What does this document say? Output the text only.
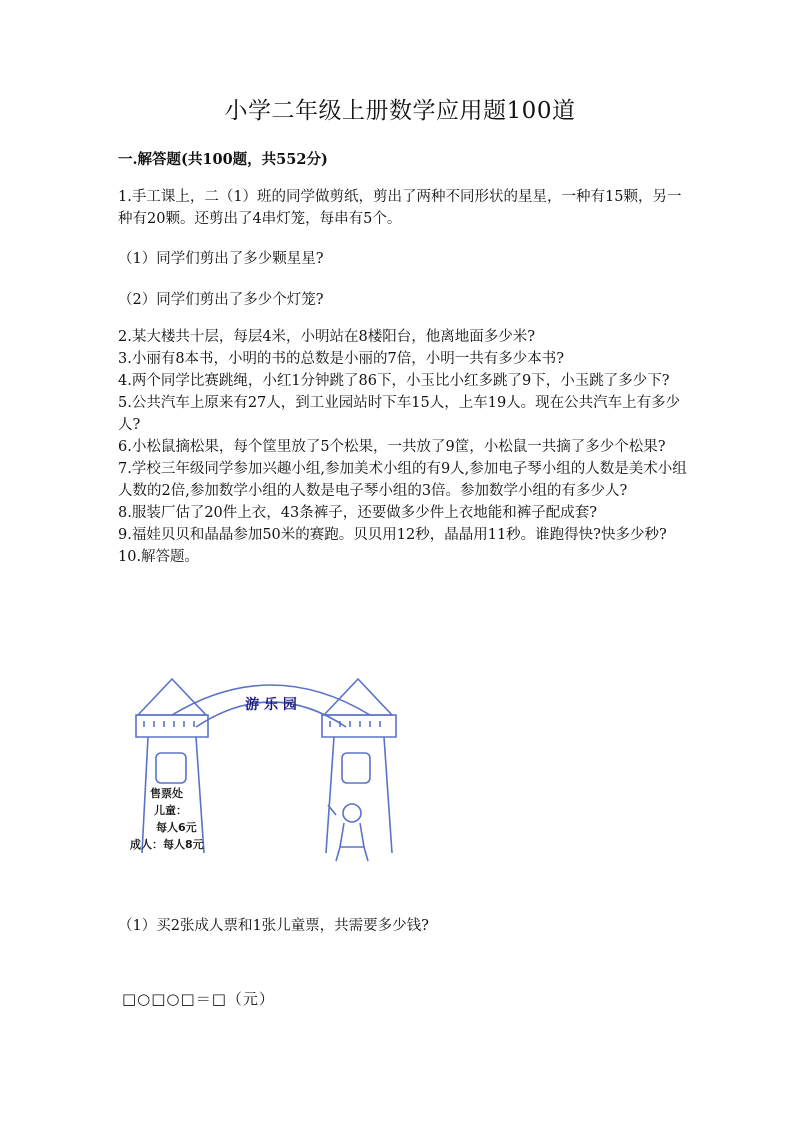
小学二年级上册数学应用题100道
一.解答题(共100题，共552分)
1.手工课上，二（1）班的同学做剪纸，剪出了两种不同形状的星星，一种有15颗，另一种有20颗。还剪出了4串灯笼，每串有5个。
（1）同学们剪出了多少颗星星?
（2）同学们剪出了多少个灯笼?
2.某大楼共十层，每层4米，小明站在8楼阳台，他离地面多少米?
3.小丽有8本书，小明的书的总数是小丽的7倍，小明一共有多少本书?
4.两个同学比赛跳绳，小红1分钟跳了86下，小玉比小红多跳了9下，小玉跳了多少下?
5.公共汽车上原来有27人，到工业园站时下车15人，上车19人。现在公共汽车上有多少人?
6.小松鼠摘松果，每个筐里放了5个松果，一共放了9筐，小松鼠一共摘了多少个松果?
7.学校三年级同学参加兴趣小组,参加美术小组的有9人,参加电子琴小组的人数是美术小组人数的2倍,参加数学小组的人数是电子琴小组的3倍。参加数学小组的有多少人?
8.服装厂估了20件上衣，43条裤子，还要做多少件上衣地能和裤子配成套?
9.福娃贝贝和晶晶参加50米的赛跑。贝贝用12秒，晶晶用11秒。谁跑得快?快多少秒?
10.解答题。
游 乐 园
售票处
儿童：
每人6元
成人：每人8元
（1）买2张成人票和1张儿童票，共需要多少钱?
□○□○□＝□（元）
